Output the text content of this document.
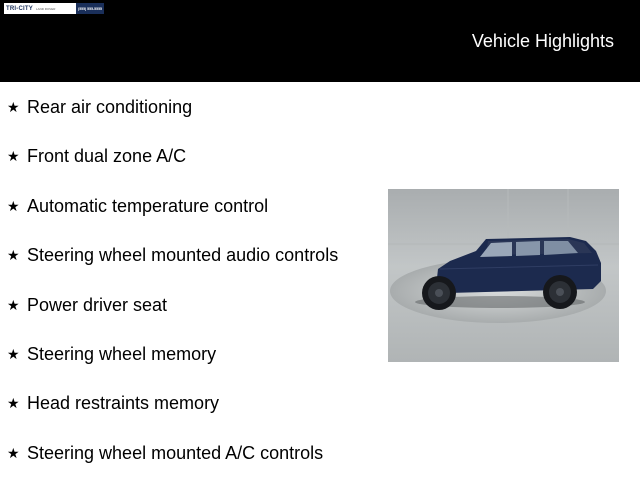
TRI-CITY LAND ROVER	(555) 555-5555
Vehicle Highlights
★ Rear air conditioning
★ Front dual zone A/C
★ Automatic temperature control
★ Steering wheel mounted audio controls
★ Power driver seat
★ Steering wheel memory
★ Head restraints memory
★ Steering wheel mounted A/C controls
